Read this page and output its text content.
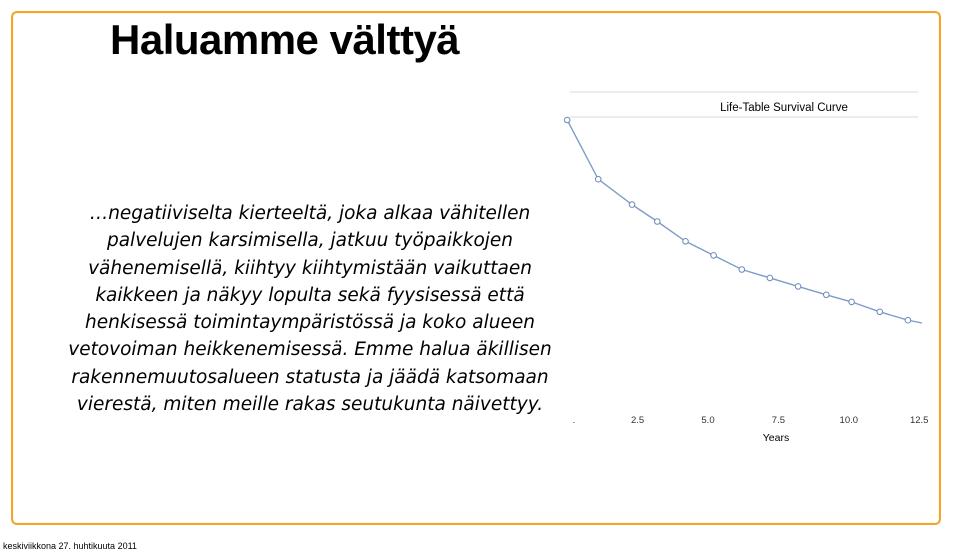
Haluamme välttyä
…negatiiviselta kierteeltä, joka alkaa vähitellen palvelujen karsimisella, jatkuu työpaikkojen vähenemisellä, kiihtyy kiihtymistään vaikuttaen kaikkeen ja näkyy lopulta sekä fyysisessä että henkisessä toimintaympäristössä ja koko alueen vetovoiman heikkenemisessä. Emme halua äkillisen rakennemuutosalueen statusta ja jäädä katsomaan vierestä, miten meille rakas seutukunta näivettyy.
Life-Table Survival Curve
2.5	5.0	7.5	10.0	12.5
.
Years
keskiviikkona 27. huhtikuuta 2011
